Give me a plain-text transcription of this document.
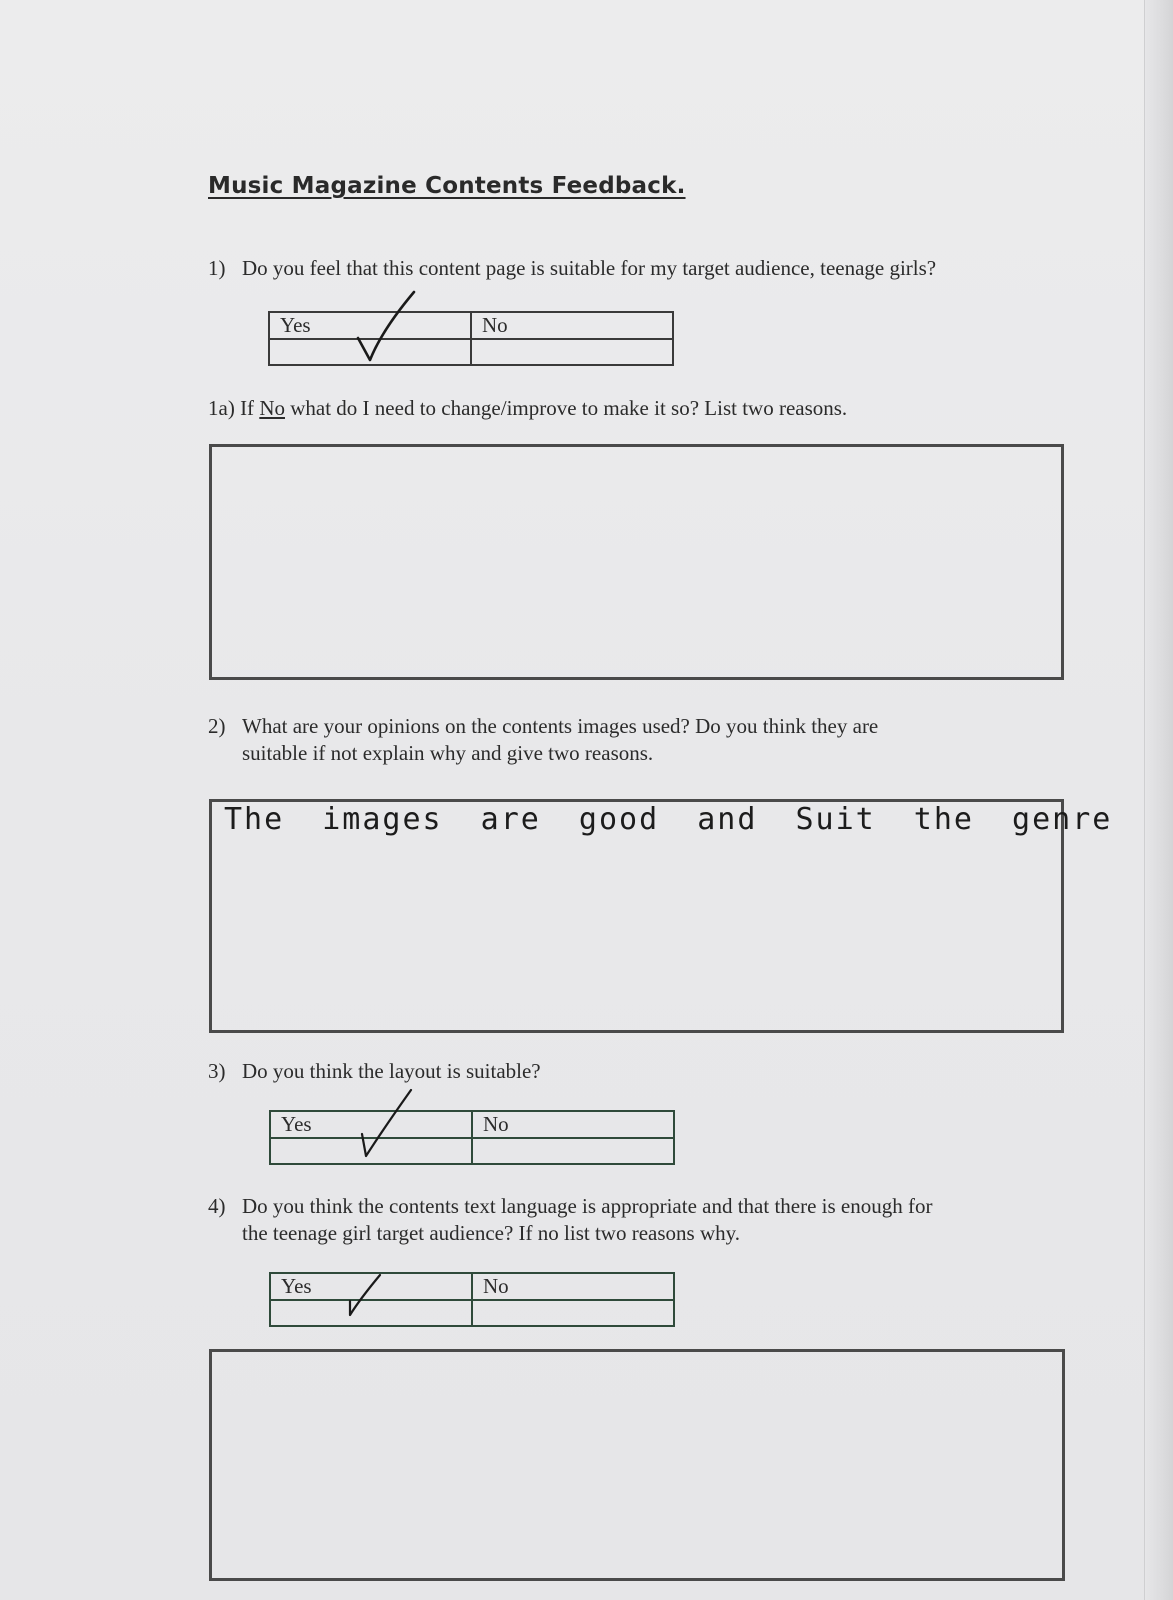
Music Magazine Contents Feedback.
1) Do you feel that this content page is suitable for my target audience, teenage girls?
Yes	No

1a) If No what do I need to change/improve to make it so? List two reasons.
2) What are your opinions on the contents images used? Do you think they are
suitable if not explain why and give two reasons.
The images are good and Suit the genre
3) Do you think the layout is suitable?
Yes	No

4) Do you think the contents text language is appropriate and that there is enough for
the teenage girl target audience? If no list two reasons why.
Yes	No
